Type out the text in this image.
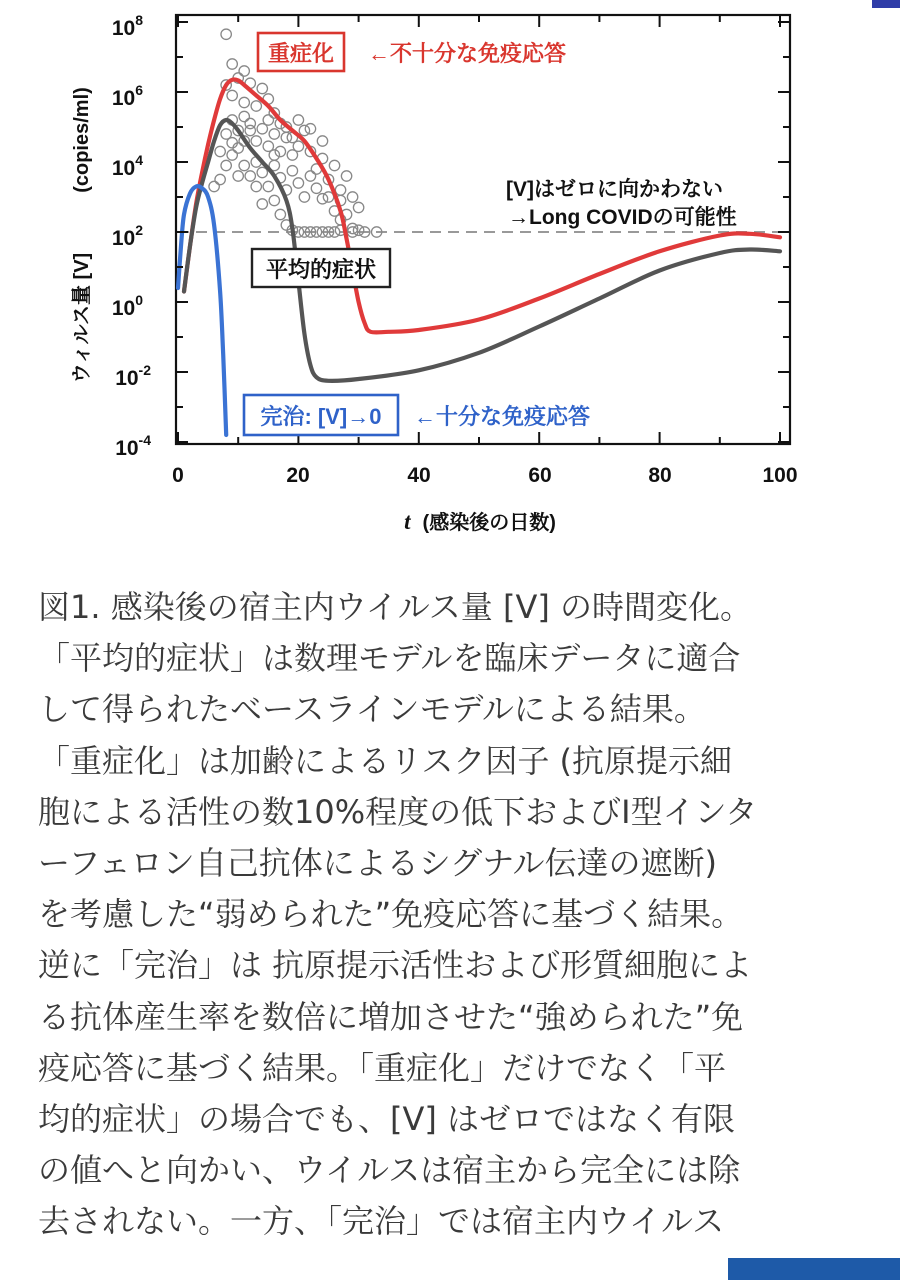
0	20	40	60	80	100
$10^8$
$10^6$
$10^4$
$10^2$
$10^0$
$10^{-2}$
$10^{-4}$
ウィルス量 [V]
(copies/ml)
t (感染後の日数)
重症化 ←不十分な免疫応答
平均的症状
完治: [V]→0 ←十分な免疫応答
[V]はゼロに向かわない
→Long COVIDの可能性
図1. 感染後の宿主内ウイルス量 [V] の時間変化。
「平均的症状」は数理モデルを臨床データに適合
して得られたベースラインモデルによる結果。
「重症化」は加齢によるリスク因子 (抗原提示細
胞による活性の数10%程度の低下およびI型インタ
ーフェロン自己抗体によるシグナル伝達の遮断)
を考慮した“弱められた”免疫応答に基づく結果。
逆に「完治」は 抗原提示活性および形質細胞によ
る抗体産生率を数倍に増加させた“強められた”免
疫応答に基づく結果。「重症化」だけでなく「平
均的症状」の場合でも、[V] はゼロではなく有限
の値へと向かい、ウイルスは宿主から完全には除
去されない。一方、「完治」では宿主内ウイルス
